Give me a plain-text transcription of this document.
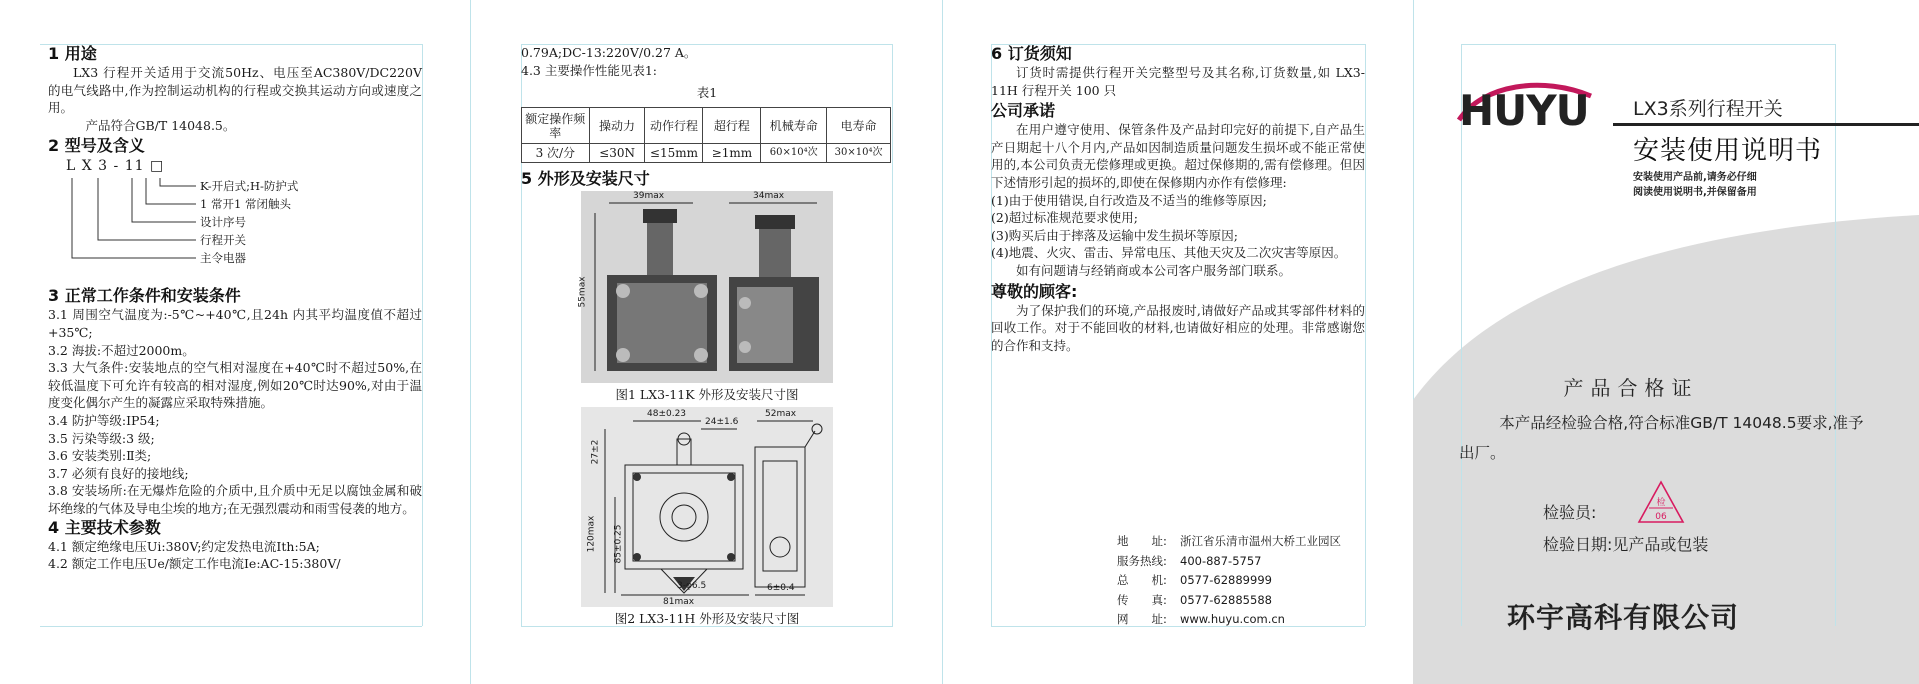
1 用途
LX3 行程开关适用于交流50Hz、电压至AC380V/DC220V 的电气线路中,作为控制运动机构的行程或交换其运动方向或速度之用。
产品符合GB/T 14048.5。
2 型号及含义
L X 3 - 11 □
K-开启式;H-防护式
1 常开1 常闭触头
设计序号
行程开关
主令电器
3 正常工作条件和安装条件
3.1 周围空气温度为:-5℃~+40℃,且24h 内其平均温度值不超过+35℃;
3.2 海拔:不超过2000m。
3.3 大气条件:安装地点的空气相对湿度在+40℃时不超过50%,在较低温度下可允许有较高的相对湿度,例如20℃时达90%,对由于温度变化偶尔产生的凝露应采取特殊措施。
3.4 防护等级:IP54;
3.5 污染等级:3 级;
3.6 安装类别:Ⅱ类;
3.7 必须有良好的接地线;
3.8 安装场所:在无爆炸危险的介质中,且介质中无足以腐蚀金属和破坏绝缘的气体及导电尘埃的地方;在无强烈震动和雨雪侵袭的地方。
4 主要技术参数
4.1 额定绝缘电压Ui:380V;约定发热电流Ith:5A;
4.2 额定工作电压Ue/额定工作电流Ie:AC-15:380V/
0.79A;DC-13:220V/0.27 A。
4.3 主要操作性能见表1:
表1
额定操作频率	操动力	动作行程	超行程	机械寿命	电寿命
3 次/分	≤30N	≤15mm	≥1mm	60×10⁴次	30×10⁴次
5 外形及安装尺寸
39max	34max
55max
图1 LX3-11K 外形及安装尺寸图
48±0.23
24±1.6
52max
27±2
120max 85±0.25
3-φ6.5
81max
6±0.4
图2 LX3-11H 外形及安装尺寸图
6 订货须知
订货时需提供行程开关完整型号及其名称,订货数量,如 LX3-11H 行程开关 100 只
公司承诺
在用户遵守使用、保管条件及产品封印完好的前提下,自产品生产日期起十八个月内,产品如因制造质量问题发生损坏或不能正常使用的,本公司负责无偿修理或更换。超过保修期的,需有偿修理。但因下述情形引起的损坏的,即使在保修期内亦作有偿修理:
(1)由于使用错误,自行改造及不适当的维修等原因;
(2)超过标准规范要求使用;
(3)购买后由于摔落及运输中发生损坏等原因;
(4)地震、火灾、雷击、异常电压、其他天灾及二次灾害等原因。
如有问题请与经销商或本公司客户服务部门联系。
尊敬的顾客:
为了保护我们的环境,产品报废时,请做好产品或其零部件材料的回收工作。对于不能回收的材料,也请做好相应的处理。非常感谢您的合作和支持。
地　　址: 浙江省乐清市温州大桥工业园区
服务热线: 400-887-5757
总　　机: 0577-62889999
传　　真: 0577-62885588
网　　址: www.huyu.com.cn
HUYU LX3系列行程开关
安装使用说明书
安装使用产品前,请务必仔细
阅读使用说明书,并保留备用
产品合格证
本产品经检验合格,符合标准GB/T 14048.5要求,准予出厂。
检验员:	检
06
检验日期:见产品或包装
环宇高科有限公司
